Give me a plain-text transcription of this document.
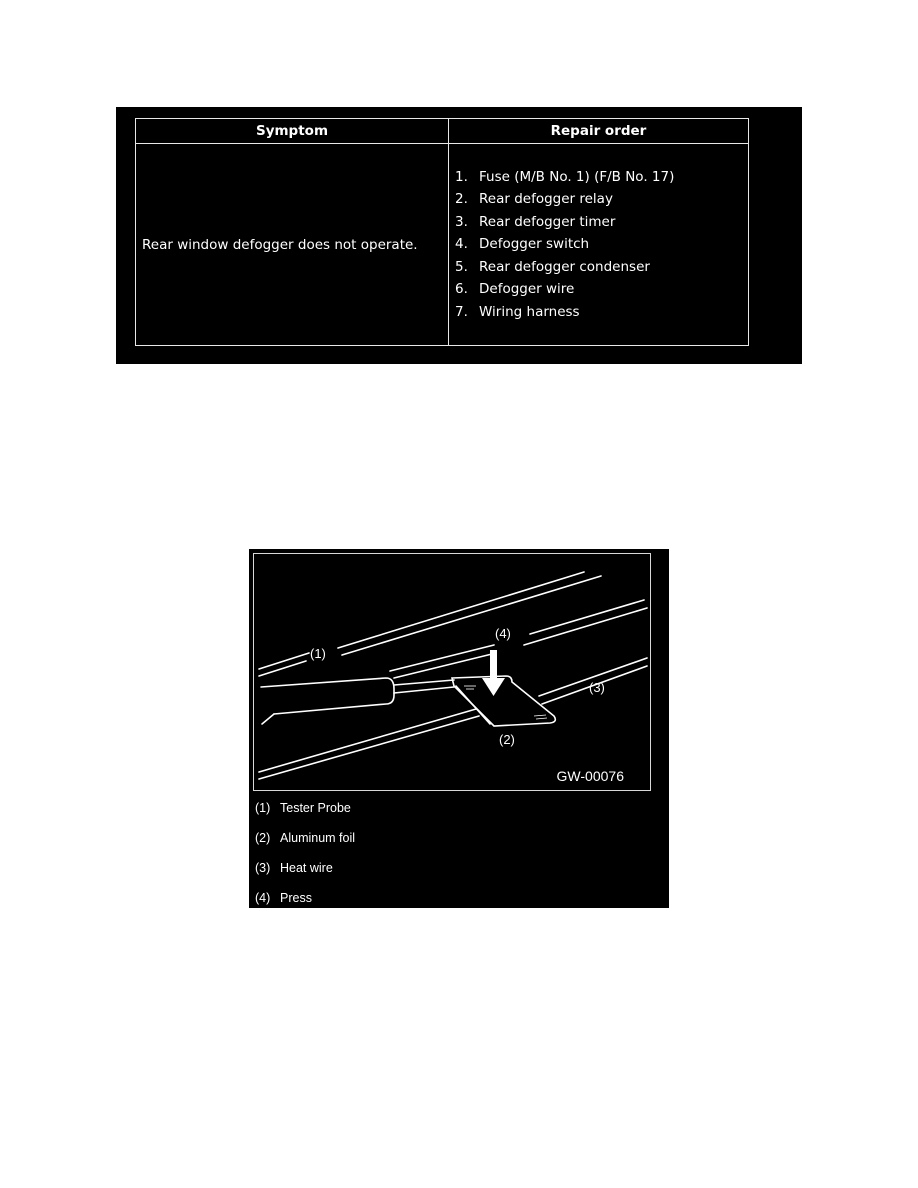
Symptom	Repair order
Rear window defogger does not operate.	
1. Fuse (M/B No. 1) (F/B No. 17)
2. Rear defogger relay
3. Rear defogger timer
4. Defogger switch
5. Rear defogger condenser
6. Defogger wire
7. Wiring harness
(1)
(4)
(3)
(2)
GW-00076
(1) Tester Probe
(2) Aluminum foil
(3) Heat wire
(4) Press
